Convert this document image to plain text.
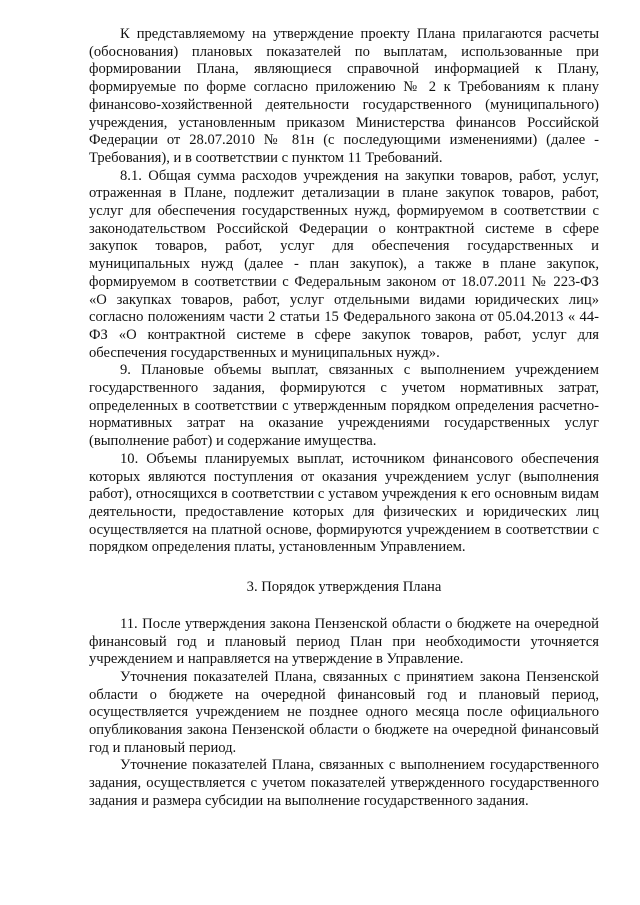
К представляемому на утверждение проекту Плана прилагаются расчеты (обоснования) плановых показателей по выплатам, использованные при формировании Плана, являющиеся справочной информацией к Плану, формируемые по форме согласно приложению № 2 к Требованиям к плану финансово-хозяйственной деятельности государственного (муниципального) учреждения, установленным приказом Министерства финансов Российской Федерации от 28.07.2010 № 81н (с последующими изменениями) (далее - Требования), и в соответствии с пунктом 11 Требований.

8.1. Общая сумма расходов учреждения на закупки товаров, работ, услуг, отраженная в Плане, подлежит детализации в плане закупок товаров, работ, услуг для обеспечения государственных нужд, формируемом в соответствии с законодательством Российской Федерации о контрактной системе в сфере закупок товаров, работ, услуг для обеспечения государственных и муниципальных нужд (далее - план закупок), а также в плане закупок, формируемом в соответствии с Федеральным законом от 18.07.2011 № 223-ФЗ «О закупках товаров, работ, услуг отдельными видами юридических лиц» согласно положениям части 2 статьи 15 Федерального закона от 05.04.2013 « 44-ФЗ «О контрактной системе в сфере закупок товаров, работ, услуг для обеспечения государственных и муниципальных нужд».

9. Плановые объемы выплат, связанных с выполнением учреждением государственного задания, формируются с учетом нормативных затрат, определенных в соответствии с утвержденным порядком определения расчетно-нормативных затрат на оказание учреждениями государственных услуг (выполнение работ) и содержание имущества.

10. Объемы планируемых выплат, источником финансового обеспечения которых являются поступления от оказания учреждением услуг (выполнения работ), относящихся в соответствии с уставом учреждения к его основным видам деятельности, предоставление которых для физических и юридических лиц осуществляется на платной основе, формируются учреждением в соответствии с порядком определения платы, установленным Управлением.

3. Порядок утверждения Плана

11. После утверждения закона Пензенской области о бюджете на очередной финансовый год и плановый период План при необходимости уточняется учреждением и направляется на утверждение в Управление.

Уточнения показателей Плана, связанных с принятием закона Пензенской области о бюджете на очередной финансовый год и плановый период, осуществляется учреждением не позднее одного месяца после официального опубликования закона Пензенской области о бюджете на очередной финансовый год и плановый период.

Уточнение показателей Плана, связанных с выполнением государственного задания, осуществляется с учетом показателей утвержденного государственного задания и размера субсидии на выполнение государственного задания.
